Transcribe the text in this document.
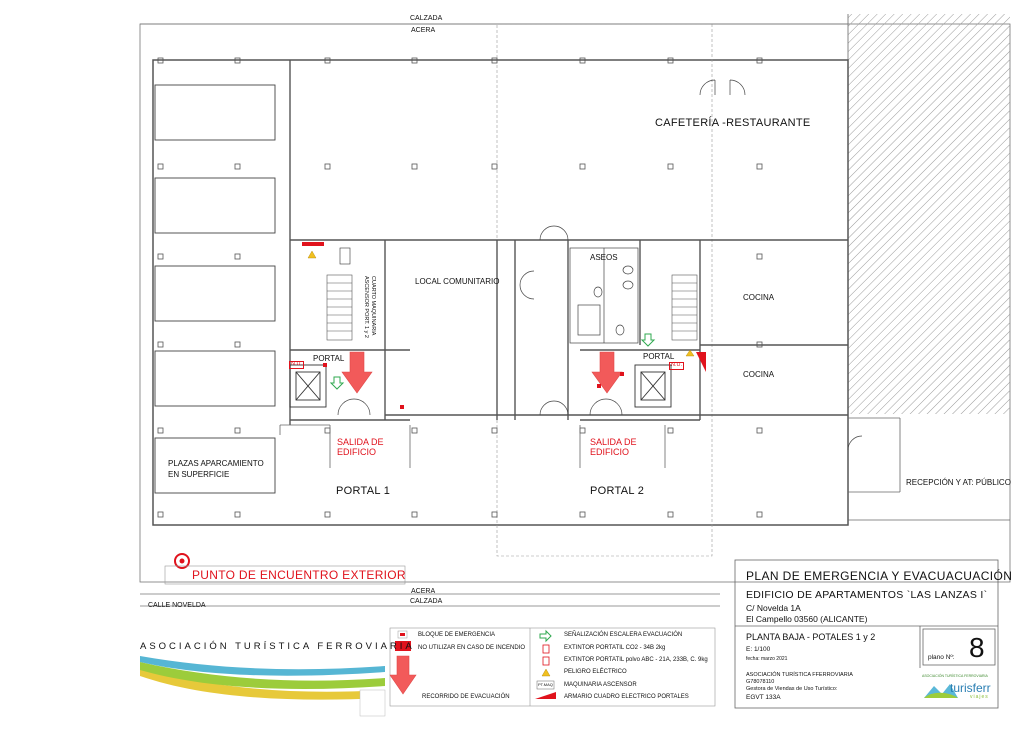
CALZADA
ACERA
ACERA
CALZADA
CALLE NOVELDA
CAFETERÍA -RESTAURANTE
LOCAL COMUNITARIO
ASEOS
COCINA
COCINA
PORTAL	PORTAL
CUARTO MAQUINARIA
ASCENSOR PORT. 1 y 2
PLAZAS APARCAMIENTO
EN SUPERFICIE
PORTAL 1	PORTAL 2
RECEPCIÓN Y AT: PÚBLICO
N.U.	N.U.
SALIDA DE
EDIFICIO
SALIDA DE
EDIFICIO
PUNTO DE ENCUENTRO EXTERIOR
ASOCIACIÓN TURÍSTICA FERROVIARIA
BLOQUE DE EMERGENCIA
NO UTILIZAR EN CASO DE INCENDIO
RECORRIDO DE EVACUACIÓN
SEÑALIZACIÓN ESCALERA EVACUACIÓN
EXTINTOR PORTATIL CO2 - 34B 2kg
EXTINTOR PORTATIL polvo ABC - 21A, 233B, C. 9kg
PELIGRO ELÉCTRICO
MAQUINARIA ASCENSOR
PT.MAQ
ARMARIO CUADRO ELECTRICO PORTALES
PLAN DE EMERGENCIA Y EVACUACUACIÓN
EDIFICIO DE APARTAMENTOS `LAS LANZAS I`
C/ Novelda 1A
El Campello 03560 (ALICANTE)
PLANTA BAJA - POTALES 1 y 2
E: 1/100
fecha: marzo 2021
ASOCIACIÓN TURÍSTICA FFERROVIARIA
G78078110
Gestora de Viendas de Uso Turístico:
EGVT 133A
plano Nº: 8
ASOCIACIÓN TURÍSTICA FERROVIARIA
turisferr
viajes
